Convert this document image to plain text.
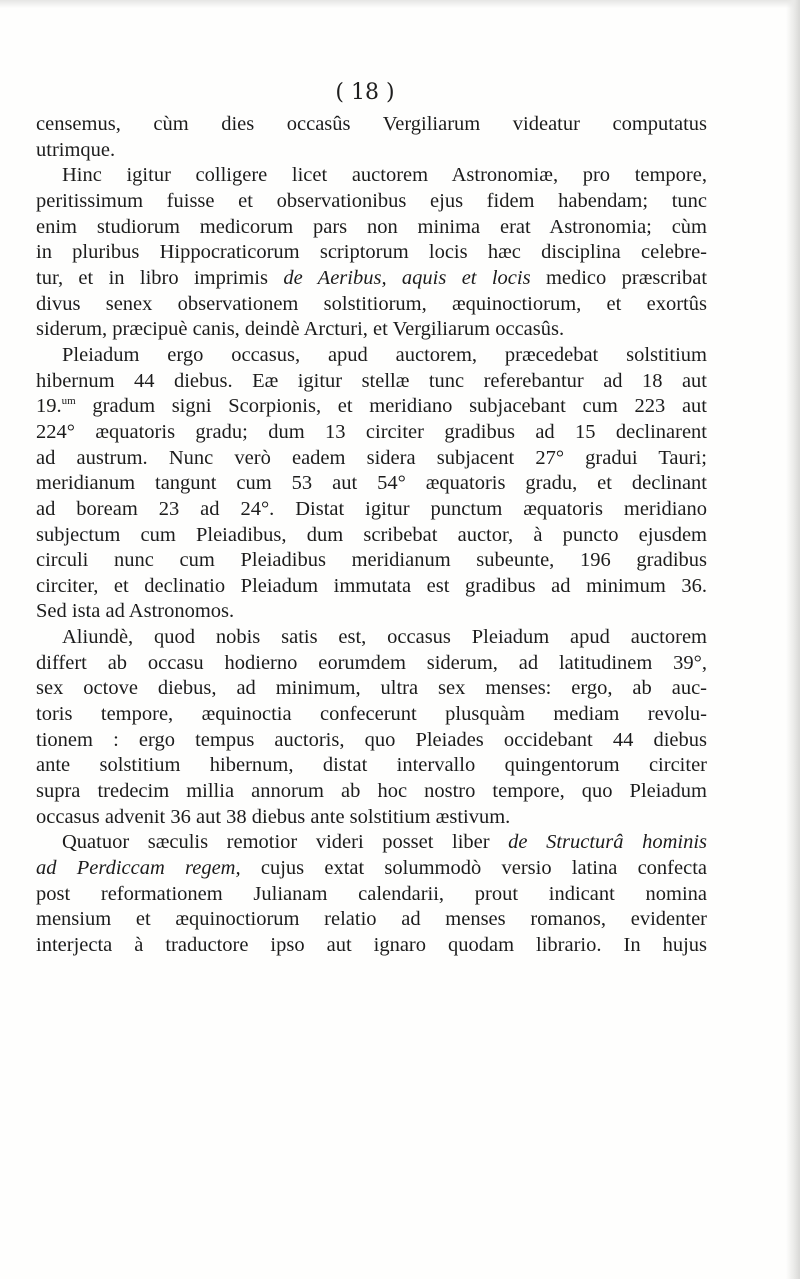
( 18 )

censemus, cùm dies occasûs Vergiliarum videatur computatus
utrimque.

Hinc igitur colligere licet auctorem Astronomiæ, pro tempore,
peritissimum fuisse et observationibus ejus fidem habendam; tunc
enim studiorum medicorum pars non minima erat Astronomia; cùm
in pluribus Hippocraticorum scriptorum locis hæc disciplina celebre-
tur, et in libro imprimis de Aeribus, aquis et locis medico præscribat
divus senex observationem solstitiorum, æquinoctiorum, et exortûs
siderum, præcipuè canis, deindè Arcturi, et Vergiliarum occasûs.

Pleiadum ergo occasus, apud auctorem, præcedebat solstitium
hibernum 44 diebus. Eæ igitur stellæ tunc referebantur ad 18 aut
19.$^{um}$ gradum signi Scorpionis, et meridiano subjacebant cum 223 aut
224° æquatoris gradu; dum 13 circiter gradibus ad 15 declinarent
ad austrum. Nunc verò eadem sidera subjacent 27° gradui Tauri;
meridianum tangunt cum 53 aut 54° æquatoris gradu, et declinant
ad boream 23 ad 24°. Distat igitur punctum æquatoris meridiano
subjectum cum Pleiadibus, dum scribebat auctor, à puncto ejusdem
circuli nunc cum Pleiadibus meridianum subeunte, 196 gradibus
circiter, et declinatio Pleiadum immutata est gradibus ad minimum 36.
Sed ista ad Astronomos.

Aliundè, quod nobis satis est, occasus Pleiadum apud auctorem
differt ab occasu hodierno eorumdem siderum, ad latitudinem 39°,
sex octove diebus, ad minimum, ultra sex menses: ergo, ab auc-
toris tempore, æquinoctia confecerunt plusquàm mediam revolu-
tionem : ergo tempus auctoris, quo Pleiades occidebant 44 diebus
ante solstitium hibernum, distat intervallo quingentorum circiter
supra tredecim millia annorum ab hoc nostro tempore, quo Pleiadum
occasus advenit 36 aut 38 diebus ante solstitium æstivum.

Quatuor sæculis remotior videri posset liber de Structurâ hominis
ad Perdiccam regem, cujus extat solummodò versio latina confecta
post reformationem Julianam calendarii, prout indicant nomina
mensium et æquinoctiorum relatio ad menses romanos, evidenter
interjecta à traductore ipso aut ignaro quodam librario. In hujus
